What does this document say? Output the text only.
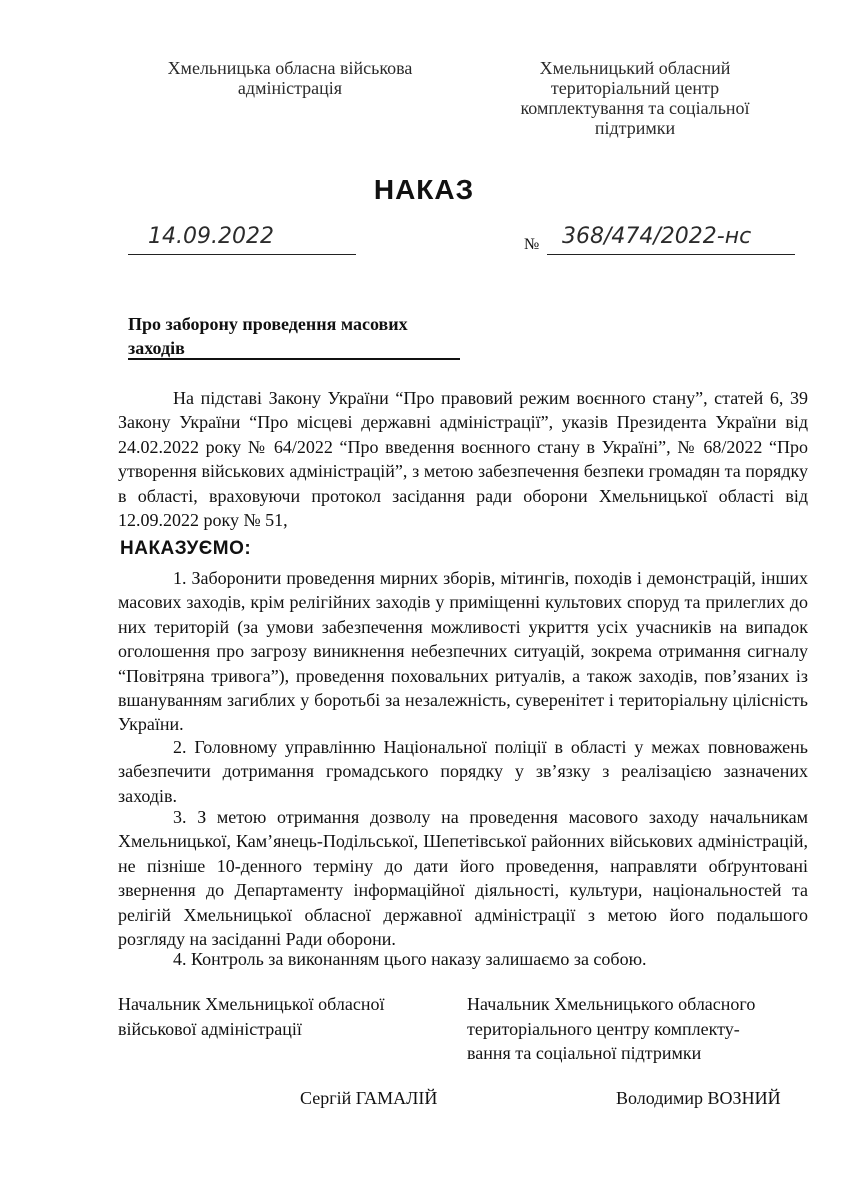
Хмельницька обласна військова
адміністрація
Хмельницький обласний
територіальний центр
комплектування та соціальної
підтримки
НАКАЗ
14.09.2022	№ 368/474/2022-нс
Про заборону проведення масових заходів

На підставі Закону України “Про правовий режим воєнного стану”, статей 6, 39 Закону України “Про місцеві державні адміністрації”, указів Президента України від 24.02.2022 року № 64/2022 “Про введення воєнного стану в Україні”, № 68/2022 “Про утворення військових адміністрацій”, з метою забезпечення безпеки громадян та порядку в області, враховуючи протокол засідання ради оборони Хмельницької області від 12.09.2022 року № 51,

НАКАЗУЄМО:

1. Заборонити проведення мирних зборів, мітингів, походів і демонстрацій, інших масових заходів, крім релігійних заходів у приміщенні культових споруд та прилеглих до них територій (за умови забезпечення можливості укриття усіх учасників на випадок оголошення про загрозу виникнення небезпечних ситуацій, зокрема отримання сигналу “Повітряна тривога”), проведення поховальних ритуалів, а також заходів, пов’язаних із вшануванням загиблих у боротьбі за незалежність, суверенітет і територіальну цілісність України.

2. Головному управлінню Національної поліції в області у межах повноважень забезпечити дотримання громадського порядку у зв’язку з реалізацією зазначених заходів.

3. З метою отримання дозволу на проведення масового заходу начальникам Хмельницької, Кам’янець-Подільської, Шепетівської районних військових адміністрацій, не пізніше 10-денного терміну до дати його проведення, направляти обґрунтовані звернення до Департаменту інформаційної діяльності, культури, національностей та релігій Хмельницької обласної державної адміністрації з метою його подальшого розгляду на засіданні Ради оборони.

4. Контроль за виконанням цього наказу залишаємо за собою.

Начальник Хмельницької обласної
військової адміністрації
Начальник Хмельницького обласного
територіального центру комплекту-
вання та соціальної підтримки
Сергій ГАМАЛІЙ	Володимир ВОЗНИЙ
